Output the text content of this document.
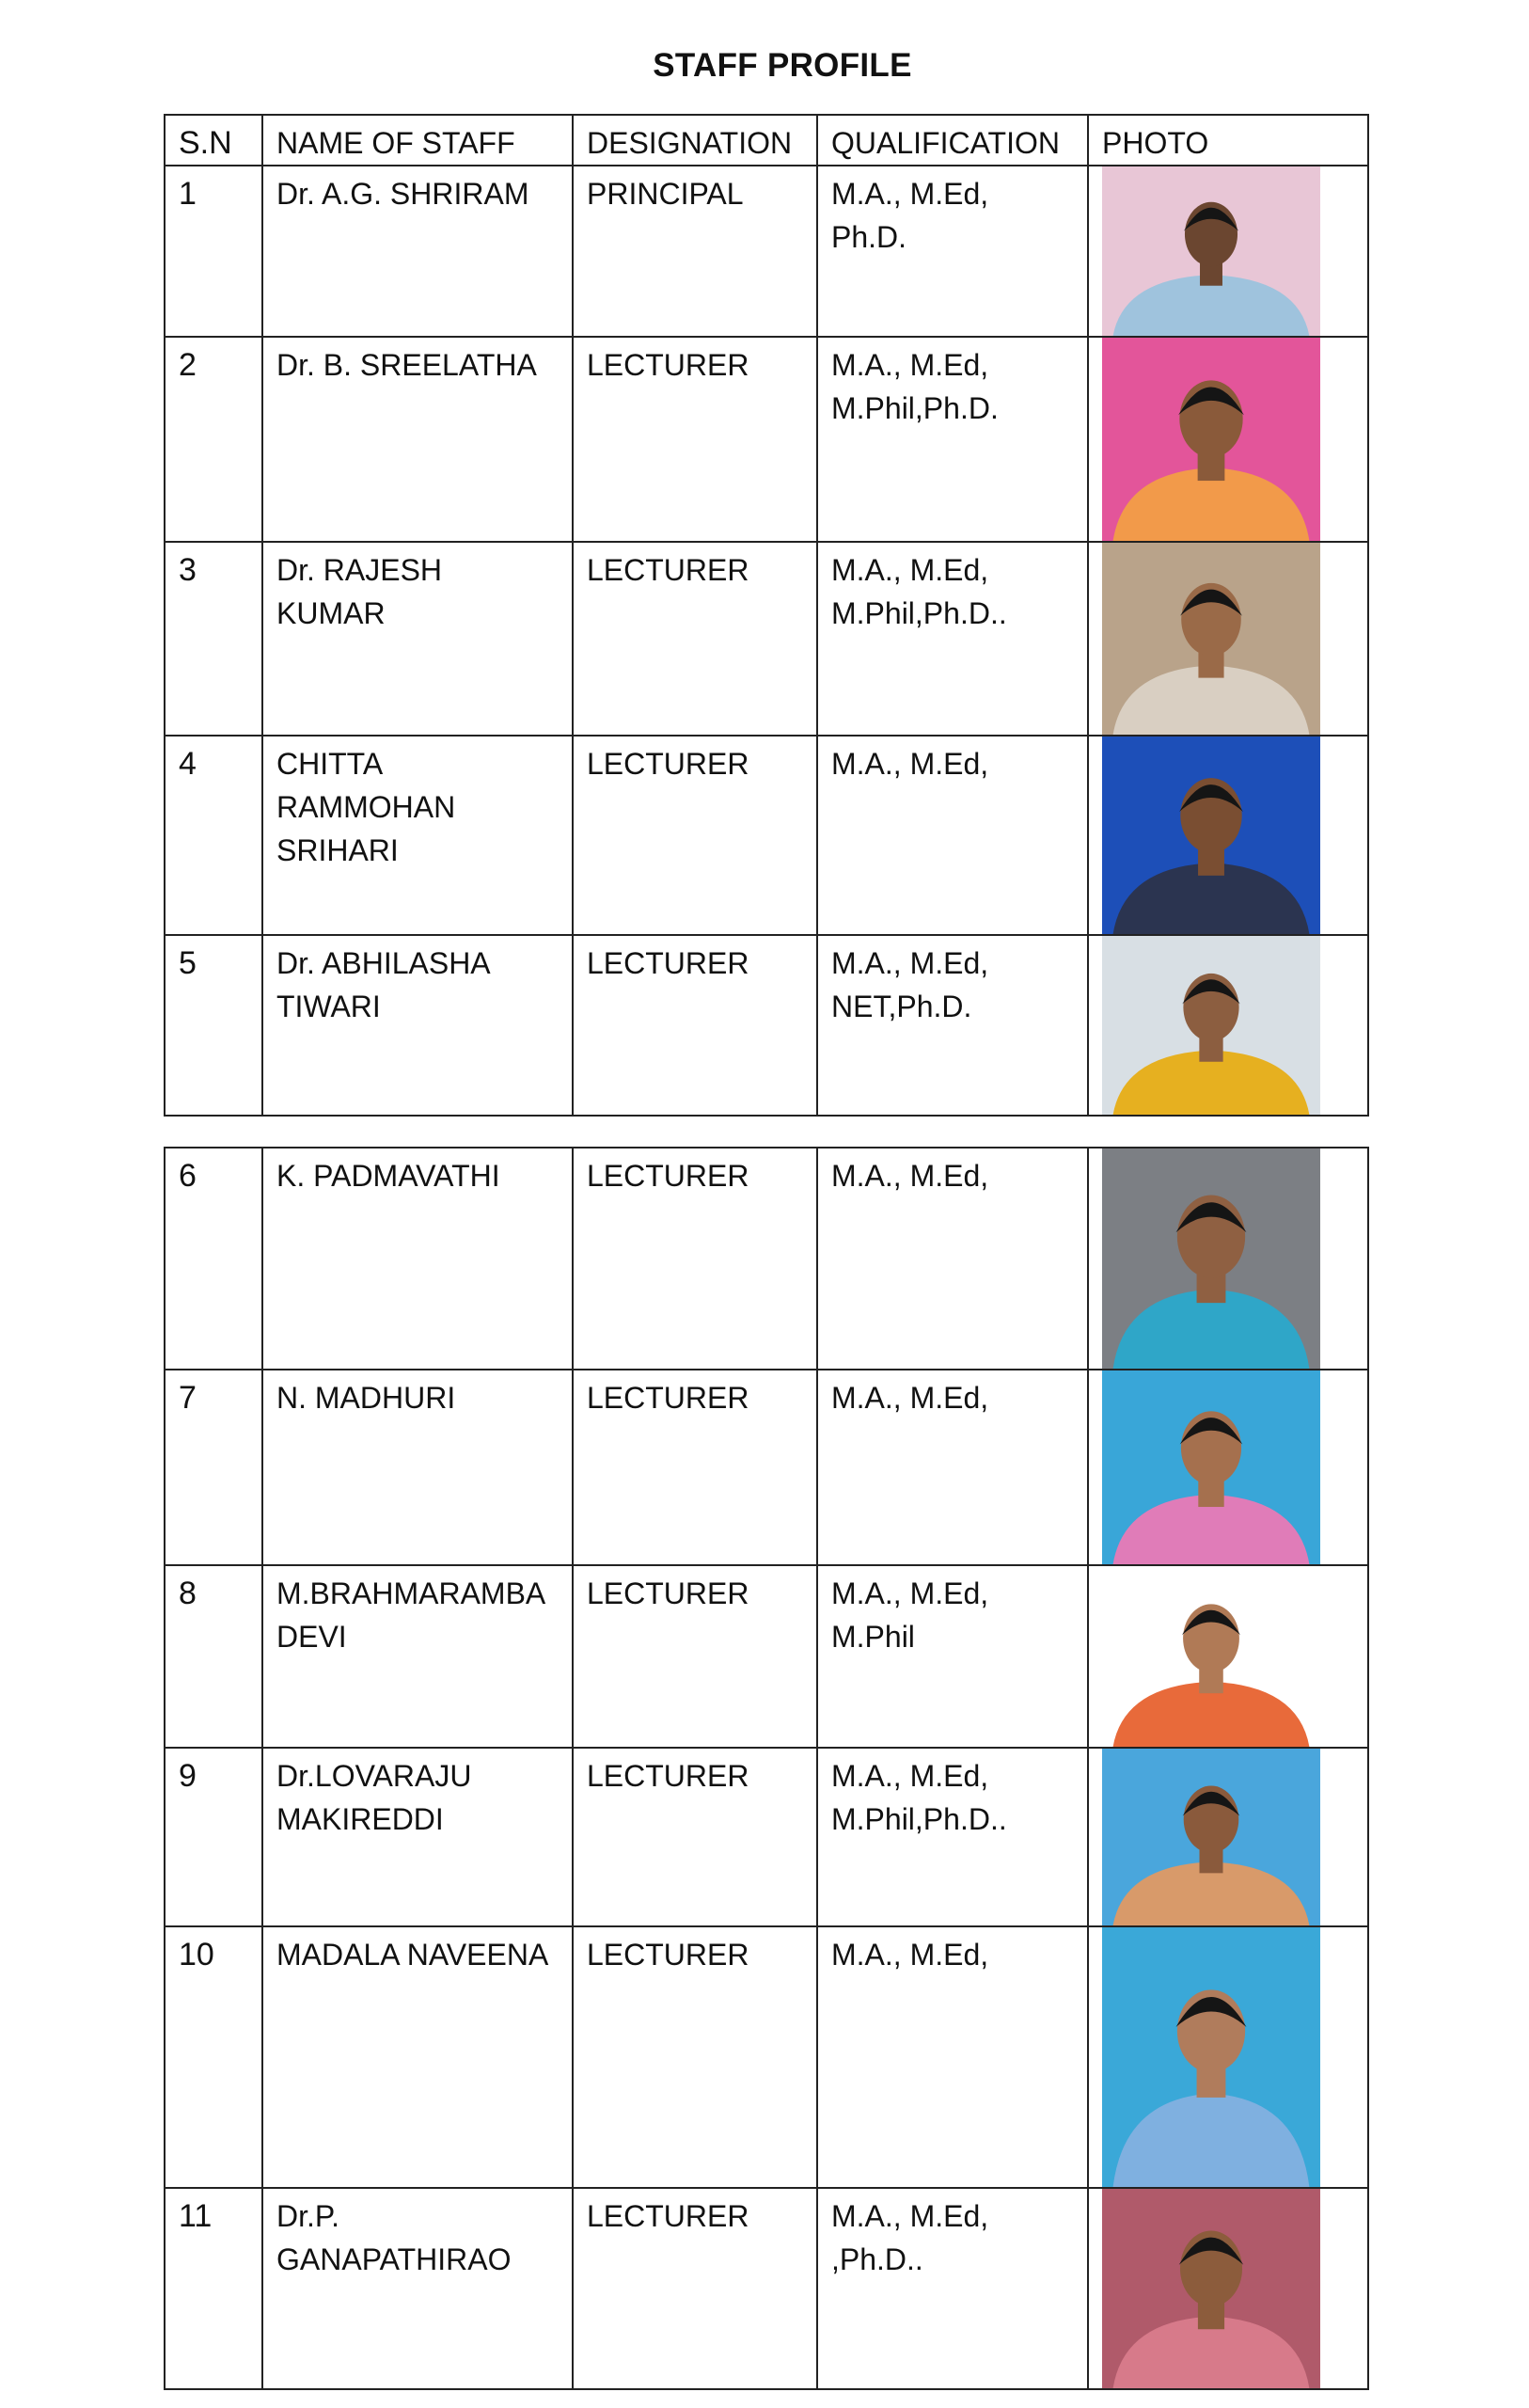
STAFF PROFILE
S.N	NAME OF STAFF	DESIGNATION	QUALIFICATION	PHOTO

1	Dr. A.G. SHRIRAM	PRINCIPAL	M.A., M.Ed,
Ph.D.

2	Dr. B. SREELATHA	LECTURER	M.A., M.Ed,
M.Phil,Ph.D.

3	Dr. RAJESH KUMAR	LECTURER	M.A., M.Ed,
M.Phil,Ph.D..

4	CHITTA
RAMMOHAN
SRIHARI	LECTURER	M.A., M.Ed,

5	Dr. ABHILASHA
TIWARI	LECTURER	M.A., M.Ed,
NET,Ph.D.

6	K. PADMAVATHI	LECTURER	M.A., M.Ed,

7	N. MADHURI	LECTURER	M.A., M.Ed,

8	M.BRAHMARAMBA
DEVI	LECTURER	M.A., M.Ed,
M.Phil

9	Dr.LOVARAJU
MAKIREDDI	LECTURER	M.A., M.Ed,
M.Phil,Ph.D..

10	MADALA NAVEENA	LECTURER	M.A., M.Ed,

11	Dr.P.
GANAPATHIRAO	LECTURER	M.A., M.Ed,
,Ph.D..
